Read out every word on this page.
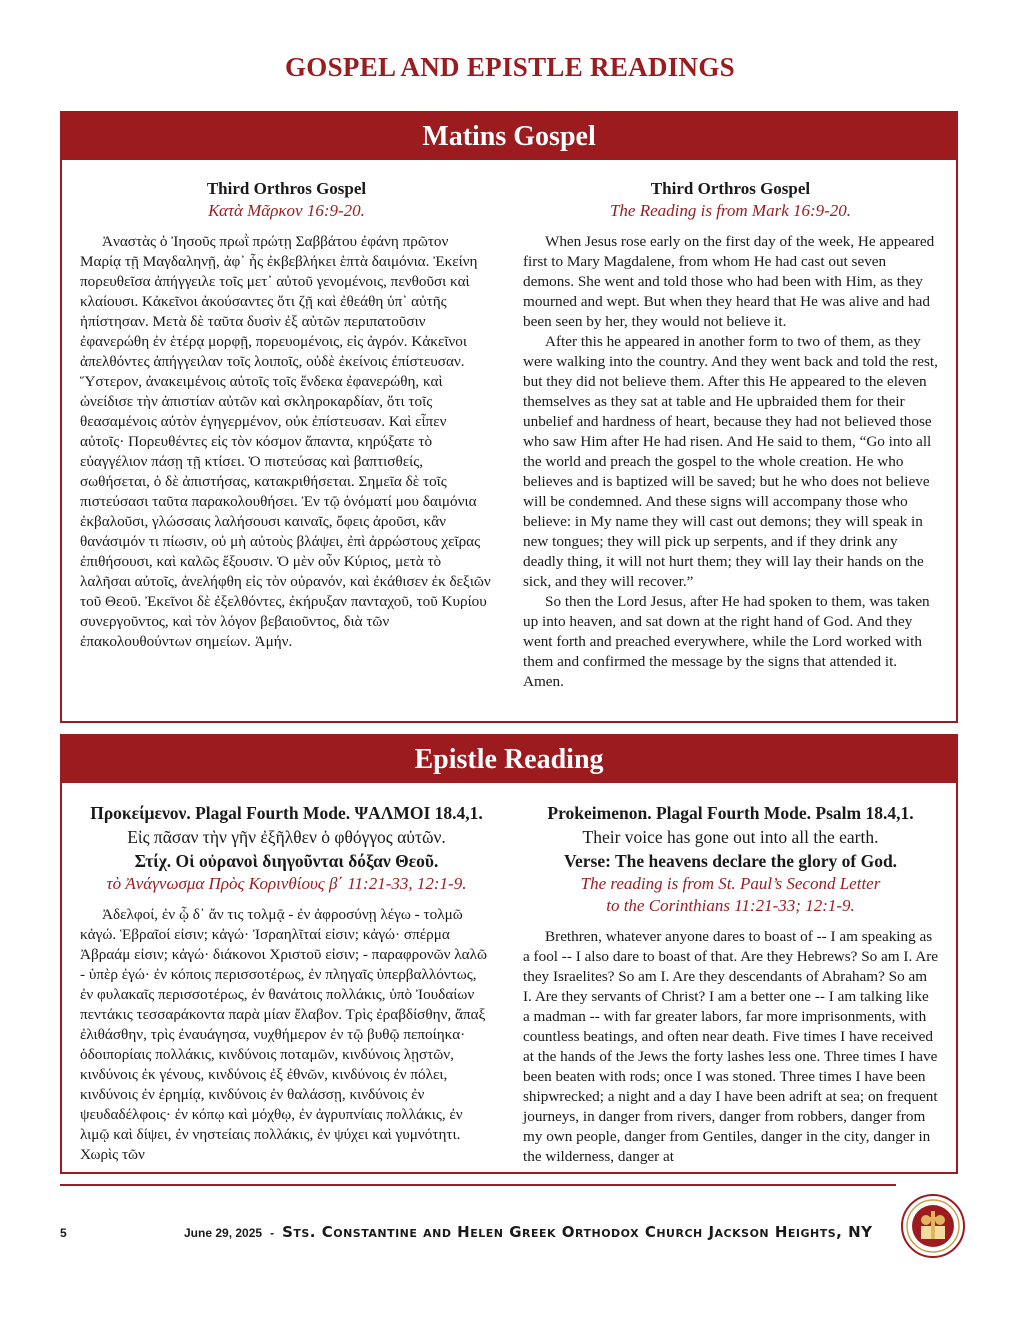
GOSPEL AND EPISTLE READINGS
Matins Gospel
Third Orthros Gospel
Κατὰ Μᾶρκον 16:9-20.

Ἀναστὰς ὁ Ἰησοῦς πρωῒ πρώτῃ Σαββάτου ἐφάνη πρῶτον Μαρίᾳ τῇ Μαγδαληνῇ, ἀφ᾽ ἧς ἐκβεβλήκει ἑπτὰ δαιμόνια. Ἐκείνη πορευθεῖσα ἀπήγγειλε τοῖς μετ᾽ αὐτοῦ γενομένοις, πενθοῦσι καὶ κλαίουσι. Κἀκεῖνοι ἀκούσαντες ὅτι ζῇ καὶ ἐθεάθη ὑπ᾽ αὐτῆς ἠπίστησαν. Μετὰ δὲ ταῦτα δυσὶν ἐξ αὐτῶν περιπατοῦσιν ἐφανερώθη ἐν ἑτέρᾳ μορφῇ, πορευομένοις, εἰς ἀγρόν. Κἀκεῖνοι ἀπελθόντες ἀπήγγειλαν τοῖς λοιποῖς, οὐδὲ ἐκείνοις ἐπίστευσαν. Ὕστερον, ἀνακειμένοις αὐτοῖς τοῖς ἕνδεκα ἐφανερώθη, καὶ ὠνείδισε τὴν ἀπιστίαν αὐτῶν καὶ σκληροκαρδίαν, ὅτι τοῖς θεασαμένοις αὐτὸν ἐγηγερμένον, οὐκ ἐπίστευσαν. Καὶ εἶπεν αὐτοῖς· Πορευθέντες εἰς τὸν κόσμον ἅπαντα, κηρύξατε τὸ εὐαγγέλιον πάσῃ τῇ κτίσει. Ὁ πιστεύσας καὶ βαπτισθείς, σωθήσεται, ὁ δὲ ἀπιστήσας, κατακριθήσεται. Σημεῖα δὲ τοῖς πιστεύσασι ταῦτα παρακολουθήσει. Ἐν τῷ ὀνόματί μου δαιμόνια ἐκβαλοῦσι, γλώσσαις λαλήσουσι καιναῖς, ὄφεις ἀροῦσι, κἂν θανάσιμόν τι πίωσιν, οὐ μὴ αὐτοὺς βλάψει, ἐπὶ ἀρρώστους χεῖρας ἐπιθήσουσι, καὶ καλῶς ἕξουσιν. Ὁ μὲν οὖν Κύριος, μετὰ τὸ λαλῆσαι αὐτοῖς, ἀνελήφθη εἰς τὸν οὐρανόν, καὶ ἐκάθισεν ἐκ δεξιῶν τοῦ Θεοῦ. Ἐκεῖνοι δὲ ἐξελθόντες, ἐκήρυξαν πανταχοῦ, τοῦ Κυρίου συνεργοῦντος, καὶ τὸν λόγον βεβαιοῦντος, διὰ τῶν ἐπακολουθούντων σημείων. Ἀμήν.

Third Orthros Gospel
The Reading is from Mark 16:9-20.

When Jesus rose early on the first day of the week, He appeared first to Mary Magdalene, from whom He had cast out seven demons. She went and told those who had been with Him, as they mourned and wept. But when they heard that He was alive and had been seen by her, they would not believe it.

After this he appeared in another form to two of them, as they were walking into the country. And they went back and told the rest, but they did not believe them. After this He appeared to the eleven themselves as they sat at table and He upbraided them for their unbelief and hardness of heart, because they had not believed those who saw Him after He had risen. And He said to them, “Go into all the world and preach the gospel to the whole creation. He who believes and is baptized will be saved; but he who does not believe will be condemned. And these signs will accompany those who believe: in My name they will cast out demons; they will speak in new tongues; they will pick up serpents, and if they drink any deadly thing, it will not hurt them; they will lay their hands on the sick, and they will recover.”

So then the Lord Jesus, after He had spoken to them, was taken up into heaven, and sat down at the right hand of God. And they went forth and preached everywhere, while the Lord worked with them and confirmed the message by the signs that attended it. Amen.

Epistle Reading
Προκείμενον. Plagal Fourth Mode. ΨΑΛΜΟΙ 18.4,1.
Εἰς πᾶσαν τὴν γῆν ἐξῆλθεν ὁ φθόγγος αὐτῶν.
Στίχ. Οἱ οὐρανοὶ διηγοῦνται δόξαν Θεοῦ.
τὸ Ἀνάγνωσμα Πρὸς Κορινθίους β΄ 11:21-33, 12:1-9.

Ἀδελφοί, ἐν ᾧ δ᾽ ἄν τις τολμᾷ - ἐν ἀφροσύνῃ λέγω - τολμῶ κἀγώ. Ἑβραῖοί εἰσιν; κἀγώ· Ἰσραηλῖταί εἰσιν; κἀγώ· σπέρμα Ἀβραάμ εἰσιν; κἀγώ· διάκονοι Χριστοῦ εἰσιν; - παραφρονῶν λαλῶ - ὑπὲρ ἐγώ· ἐν κόποις περισσοτέρως, ἐν πληγαῖς ὑπερβαλλόντως, ἐν φυλακαῖς περισσοτέρως, ἐν θανάτοις πολλάκις, ὑπὸ Ἰουδαίων πεντάκις τεσσαράκοντα παρὰ μίαν ἔλαβον. Τρὶς ἐραβδίσθην, ἅπαξ ἐλιθάσθην, τρὶς ἐναυάγησα, νυχθήμερον ἐν τῷ βυθῷ πεποίηκα· ὁδοιπορίαις πολλάκις, κινδύνοις ποταμῶν, κινδύνοις λῃστῶν, κινδύνοις ἐκ γένους, κινδύνοις ἐξ ἐθνῶν, κινδύνοις ἐν πόλει, κινδύνοις ἐν ἐρημίᾳ, κινδύνοις ἐν θαλάσσῃ, κινδύνοις ἐν ψευδαδέλφοις· ἐν κόπῳ καὶ μόχθῳ, ἐν ἀγρυπνίαις πολλάκις, ἐν λιμῷ καὶ δίψει, ἐν νηστείαις πολλάκις, ἐν ψύχει καὶ γυμνότητι. Χωρὶς τῶν

Prokeimenon. Plagal Fourth Mode. Psalm 18.4,1.
Their voice has gone out into all the earth.
Verse: The heavens declare the glory of God.
The reading is from St. Paul’s Second Letter
to the Corinthians 11:21-33; 12:1-9.

Brethren, whatever anyone dares to boast of -- I am speaking as a fool -- I also dare to boast of that. Are they Hebrews? So am I. Are they Israelites? So am I. Are they descendants of Abraham? So am I. Are they servants of Christ? I am a better one -- I am talking like a madman -- with far greater labors, far more imprisonments, with countless beatings, and often near death. Five times I have received at the hands of the Jews the forty lashes less one. Three times I have been beaten with rods; once I was stoned. Three times I have been shipwrecked; a night and a day I have been adrift at sea; on frequent journeys, in danger from rivers, danger from robbers, danger from my own people, danger from Gentiles, danger in the city, danger in the wilderness, danger at

5	June 29, 2025 - Sts. Constantine and Helen Greek Orthodox Church Jackson Heights, NY
